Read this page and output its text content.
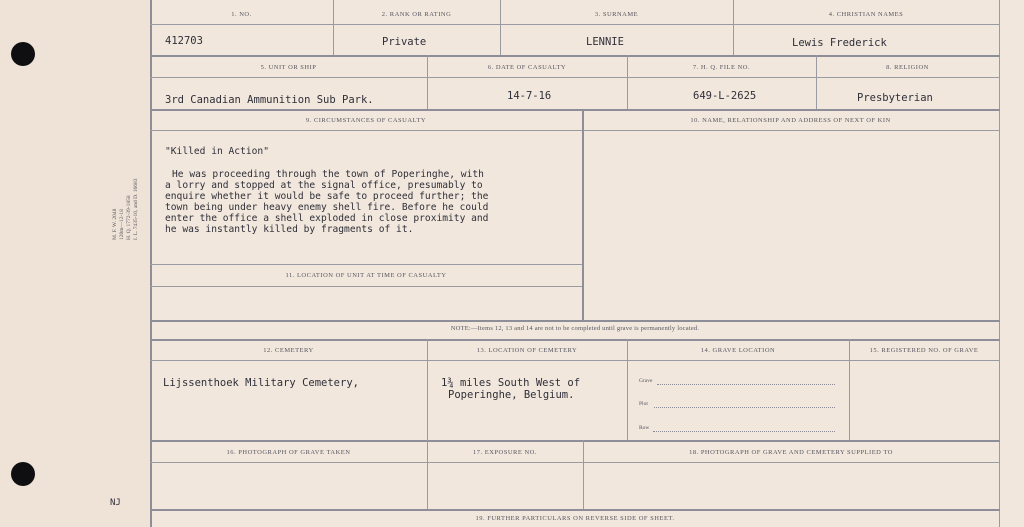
M. F. W. 2048 120m—12-18 H. Q. 1772-39-1858 I. L. 7435-10, and D. 16683
NJ
1. NO.	2. RANK OR RATING	3. SURNAME	4. CHRISTIAN NAMES
412703	Private	LENNIE	Lewis Frederick
5. UNIT OR SHIP	6. DATE OF CASUALTY	7. H. Q. FILE NO.	8. RELIGION
3rd Canadian Ammunition Sub Park.	14-7-16	649-L-2625	Presbyterian
9. CIRCUMSTANCES OF CASUALTY	10. NAME, RELATIONSHIP AND ADDRESS OF NEXT OF KIN
"Killed in Action"
He was proceeding through the town of Poperinghe, with
a lorry and stopped at the signal office, presumably to
enquire whether it would be safe to proceed further; the
town being under heavy enemy shell fire. Before he could
enter the office a shell exploded in close proximity and
he was instantly killed by fragments of it.
11. LOCATION OF UNIT AT TIME OF CASUALTY
NOTE:—Items 12, 13 and 14 are not to be completed until grave is permanently located.
12. CEMETERY	13. LOCATION OF CEMETERY	14. GRAVE LOCATION	15. REGISTERED NO. OF GRAVE
Lijssenthoek Military Cemetery,	1¾ miles South West of
Poperinghe, Belgium.
Grave
Plot
Row
16. PHOTOGRAPH OF GRAVE TAKEN	17. EXPOSURE NO.	18. PHOTOGRAPH OF GRAVE AND CEMETERY SUPPLIED TO
19. FURTHER PARTICULARS ON REVERSE SIDE OF SHEET.
